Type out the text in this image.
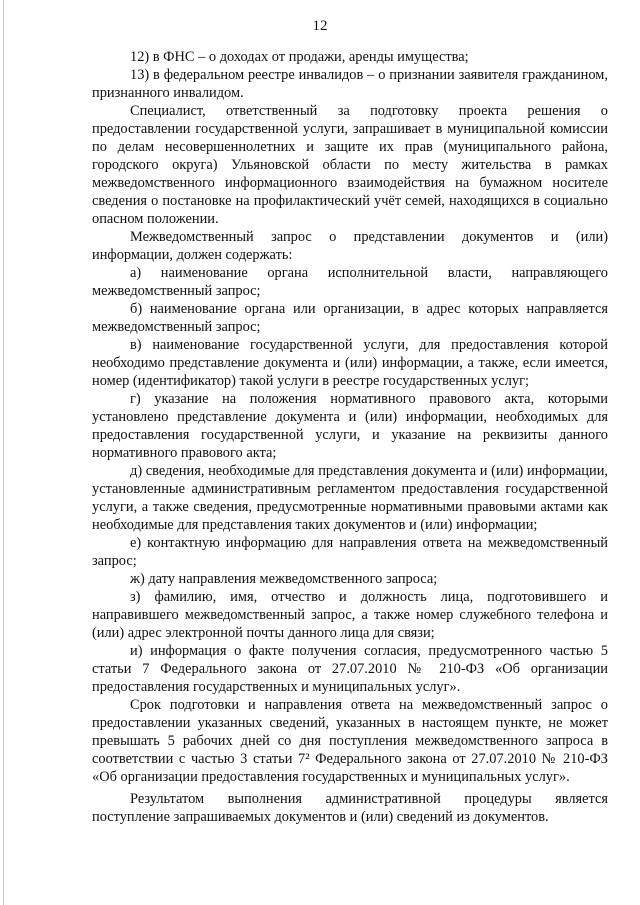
12

12) в ФНС – о доходах от продажи, аренды имущества;

13) в федеральном реестре инвалидов – о признании заявителя гражданином, признанного инвалидом.

Специалист, ответственный за подготовку проекта решения о предоставлении государственной услуги, запрашивает в муниципальной комиссии по делам несовершеннолетних и защите их прав (муниципального района, городского округа) Ульяновской области по месту жительства в рамках межведомственного информационного взаимодействия на бумажном носителе сведения о постановке на профилактический учёт семей, находящихся в социально опасном положении.

Межведомственный запрос о представлении документов и (или) информации, должен содержать:

а) наименование органа исполнительной власти, направляющего межведомственный запрос;

б) наименование органа или организации, в адрес которых направляется межведомственный запрос;

в) наименование государственной услуги, для предоставления которой необходимо представление документа и (или) информации, а также, если имеется, номер (идентификатор) такой услуги в реестре государственных услуг;

г) указание на положения нормативного правового акта, которыми установлено представление документа и (или) информации, необходимых для предоставления государственной услуги, и указание на реквизиты данного нормативного правового акта;

д) сведения, необходимые для представления документа и (или) информации, установленные административным регламентом предоставления государственной услуги, а также сведения, предусмотренные нормативными правовыми актами как необходимые для представления таких документов и (или) информации;

е) контактную информацию для направления ответа на межведомственный запрос;

ж) дату направления межведомственного запроса;

з) фамилию, имя, отчество и должность лица, подготовившего и направившего межведомственный запрос, а также номер служебного телефона и (или) адрес электронной почты данного лица для связи;

и) информация о факте получения согласия, предусмотренного частью 5 статьи 7 Федерального закона от 27.07.2010 № 210-ФЗ «Об организации предоставления государственных и муниципальных услуг».

Срок подготовки и направления ответа на межведомственный запрос о предоставлении указанных сведений, указанных в настоящем пункте, не может превышать 5 рабочих дней со дня поступления межведомственного запроса в соответствии с частью 3 статьи 7² Федерального закона от 27.07.2010 № 210-ФЗ «Об организации предоставления государственных и муниципальных услуг».

Результатом выполнения административной процедуры является поступление запрашиваемых документов и (или) сведений из документов.
